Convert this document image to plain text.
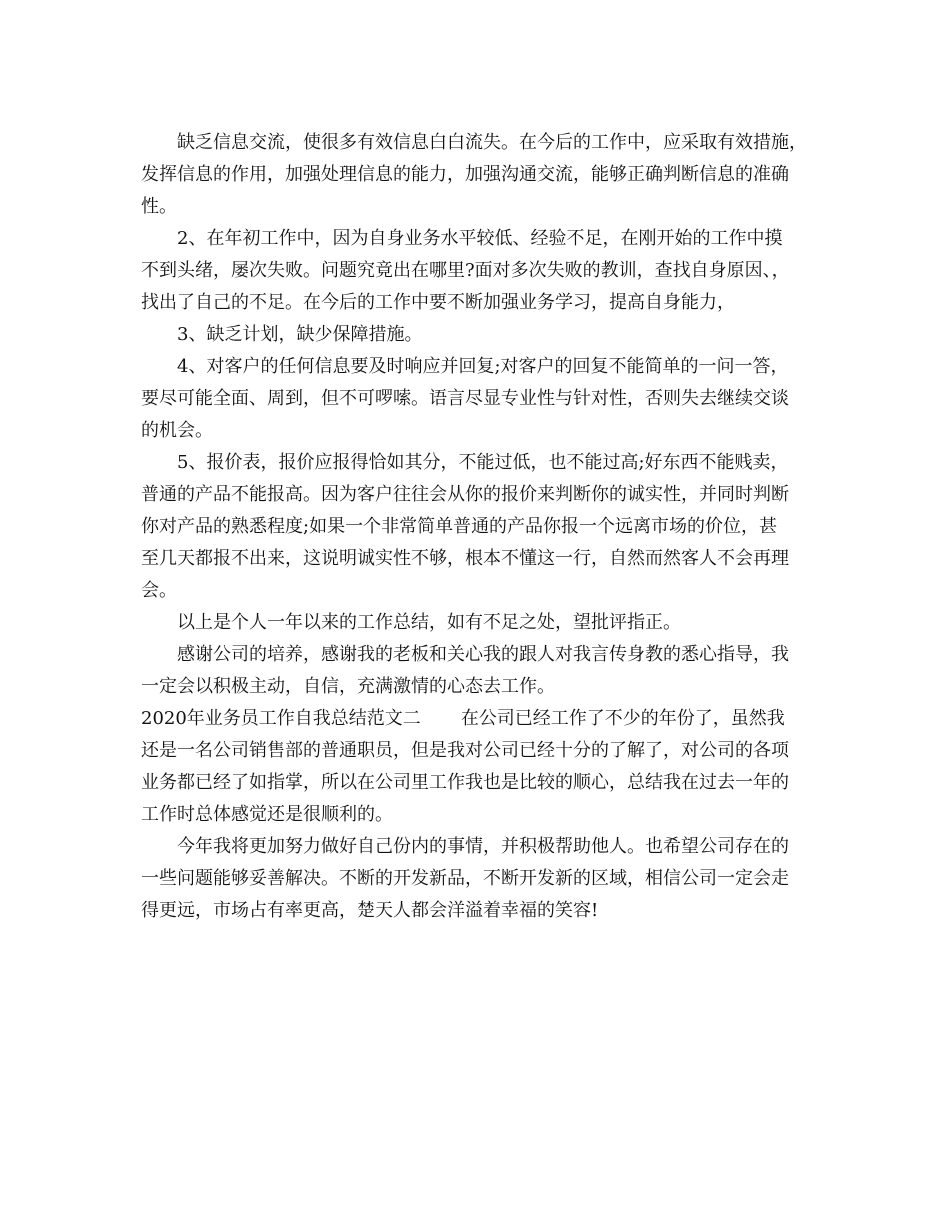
缺乏信息交流，使很多有效信息白白流失。在今后的工作中，应采取有效措施，
发挥信息的作用，加强处理信息的能力，加强沟通交流，能够正确判断信息的准确
性。
2、在年初工作中，因为自身业务水平较低、经验不足，在刚开始的工作中摸
不到头绪，屡次失败。问题究竟出在哪里?面对多次失败的教训，查找自身原因、，
找出了自己的不足。在今后的工作中要不断加强业务学习，提高自身能力，
3、缺乏计划，缺少保障措施。
4、对客户的任何信息要及时响应并回复;对客户的回复不能简单的一问一答，
要尽可能全面、周到，但不可啰嗦。语言尽显专业性与针对性，否则失去继续交谈
的机会。
5、报价表，报价应报得恰如其分，不能过低，也不能过高;好东西不能贱卖，
普通的产品不能报高。因为客户往往会从你的报价来判断你的诚实性，并同时判断
你对产品的熟悉程度;如果一个非常简单普通的产品你报一个远离市场的价位，甚
至几天都报不出来，这说明诚实性不够，根本不懂这一行，自然而然客人不会再理
会。
以上是个人一年以来的工作总结，如有不足之处，望批评指正。
感谢公司的培养，感谢我的老板和关心我的跟人对我言传身教的悉心指导，我
一定会以积极主动，自信，充满激情的心态去工作。
2020年业务员工作自我总结范文二 在公司已经工作了不少的年份了，虽然我
还是一名公司销售部的普通职员，但是我对公司已经十分的了解了，对公司的各项
业务都已经了如指掌，所以在公司里工作我也是比较的顺心，总结我在过去一年的
工作时总体感觉还是很顺利的。
今年我将更加努力做好自己份内的事情，并积极帮助他人。也希望公司存在的
一些问题能够妥善解决。不断的开发新品，不断开发新的区域，相信公司一定会走
得更远，市场占有率更高，楚天人都会洋溢着幸福的笑容!
